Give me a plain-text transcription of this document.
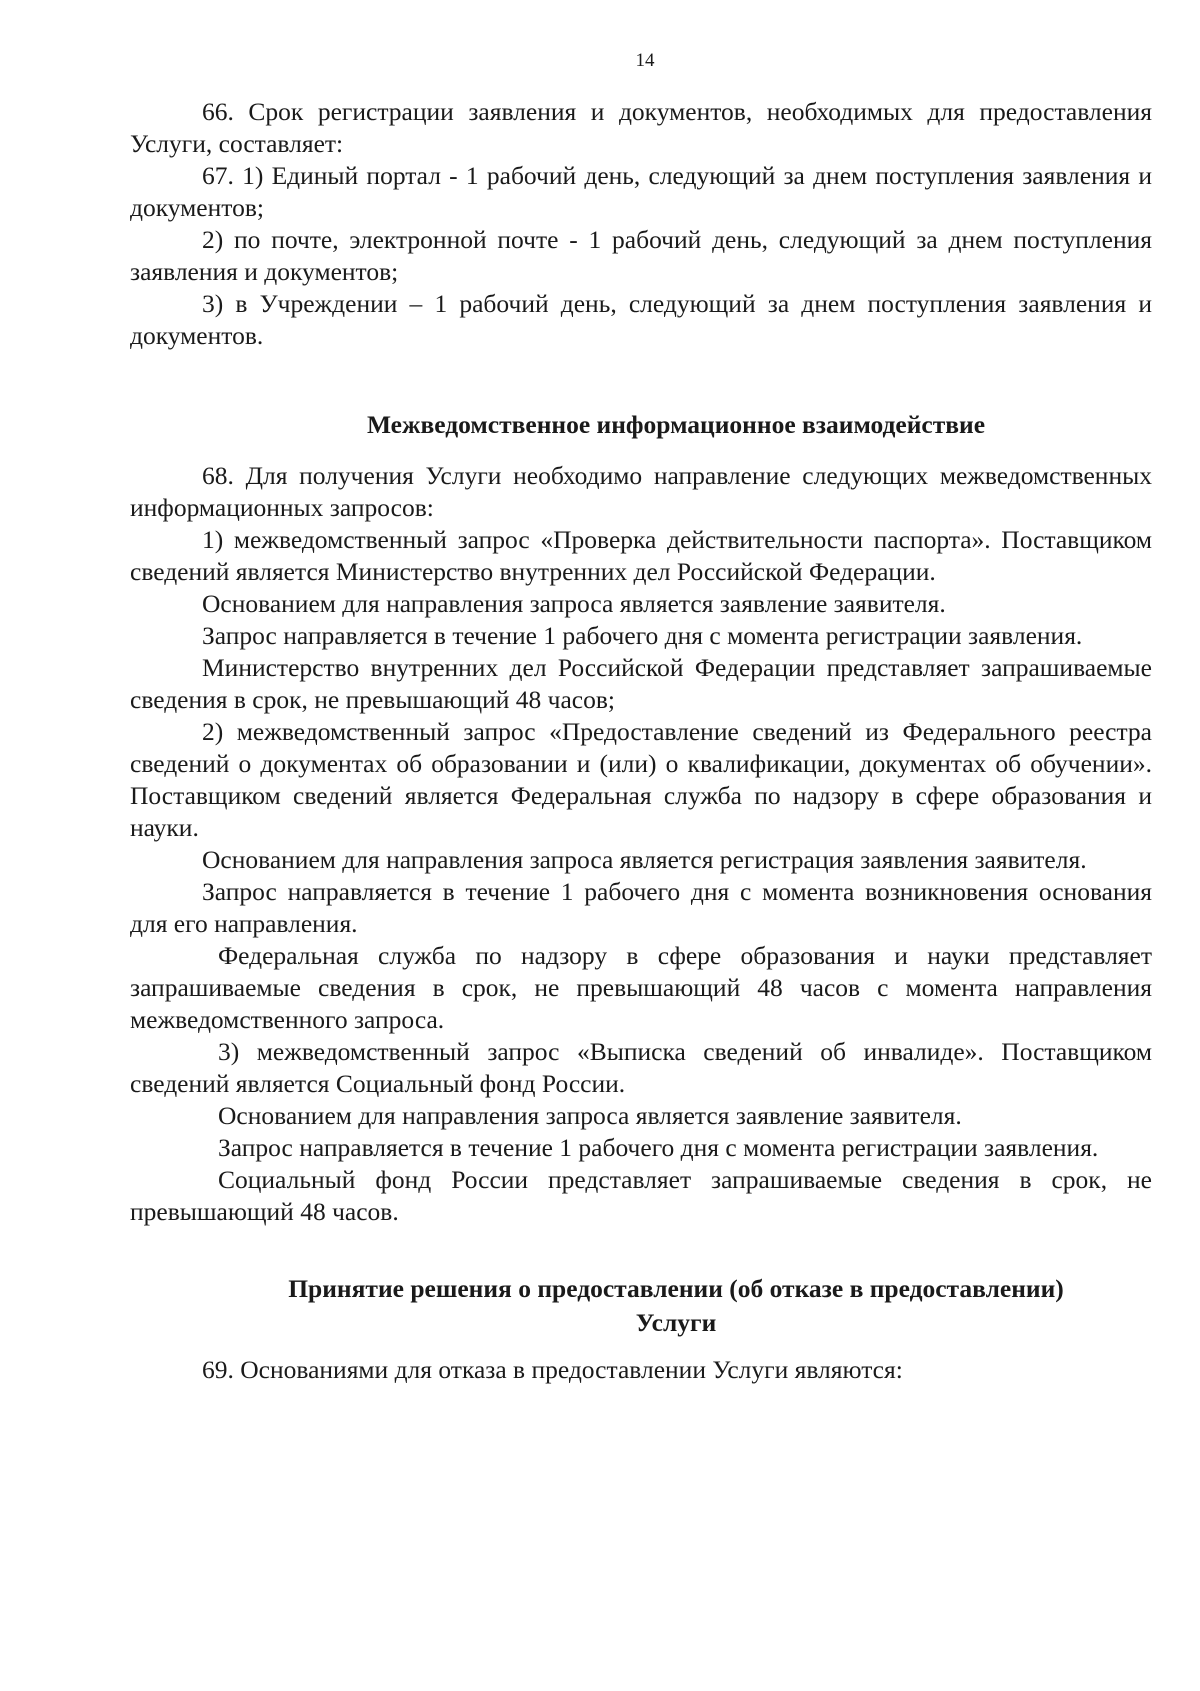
14

66. Срок регистрации заявления и документов, необходимых для предоставления Услуги, составляет:

67. 1) Единый портал - 1 рабочий день, следующий за днем поступления заявления и документов;

2) по почте, электронной почте - 1 рабочий день, следующий за днем поступления заявления и документов;

3) в Учреждении – 1 рабочий день, следующий за днем поступления заявления и документов.

Межведомственное информационное взаимодействие

68. Для получения Услуги необходимо направление следующих межведомственных информационных запросов:

1) межведомственный запрос «Проверка действительности паспорта». Поставщиком сведений является Министерство внутренних дел Российской Федерации.

Основанием для направления запроса является заявление заявителя.

Запрос направляется в течение 1 рабочего дня с момента регистрации заявления.

Министерство внутренних дел Российской Федерации представляет запрашиваемые сведения в срок, не превышающий 48 часов;

2) межведомственный запрос «Предоставление сведений из Федерального реестра сведений о документах об образовании и (или) о квалификации, документах об обучении». Поставщиком сведений является Федеральная служба по надзору в сфере образования и науки.

Основанием для направления запроса является регистрация заявления заявителя.

Запрос направляется в течение 1 рабочего дня с момента возникновения основания для его направления.

Федеральная служба по надзору в сфере образования и науки представляет запрашиваемые сведения в срок, не превышающий 48 часов с момента направления межведомственного запроса.

3) межведомственный запрос «Выписка сведений об инвалиде». Поставщиком сведений является Социальный фонд России.

Основанием для направления запроса является заявление заявителя.

Запрос направляется в течение 1 рабочего дня с момента регистрации заявления.

Социальный фонд России представляет запрашиваемые сведения в срок, не превышающий 48 часов.

Принятие решения о предоставлении (об отказе в предоставлении)

Услуги

69. Основаниями для отказа в предоставлении Услуги являются:
